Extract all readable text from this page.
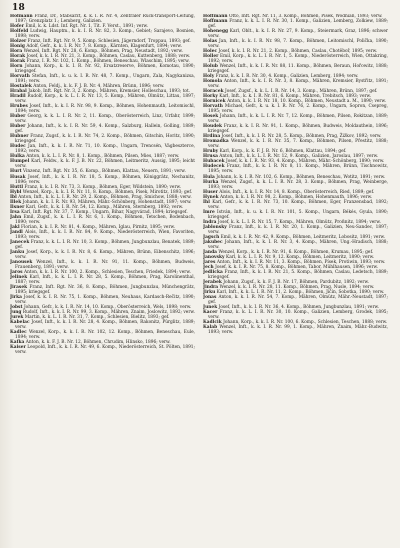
18

Hofmann Franz, Dr., Stabsarzt, k. k. I. R. Nr. 4, Zentraler Rück-transport-Leitung, 1897; Grenzplatz 1.; Lemberg, Galizien.

Hofer Emil, k. k. Ldst. Inf. Rgt. Nr. 1, Tit. F. Verst., 1891; verw.

Holfeld Ludwig, Hauptm., k. k. I. R. Nr. 82, 3. Komp., Gebiet; Sarajevo, Bosnien, 1898; verw.

Holzer Franz, Inft. Rgt. Nr. 9, 5. Komp. Schlesien, Jägerndorf, Troppau, 1893; gef.

Honig Adolf, Gefr., k. k. I. R. Nr. 7, 8. Komp., Kärnten, Klagenfurt, 1894; verw.

Hora Wenzel, Inft. Rgt. Nr. 28, 6. Komp., Böhmen, Prag, Neustadt, 1892; verw.

Horak Josef, k. k. I. R. Nr. 21, 3. Komp., Böhmen, Caslau, Kuttenberg, 1888; verw.

Horak Franz, I. R. Nr. 102, 1. Komp., Böhmen, Beneschau, Wlaschim, 1895; verw.

Horn Johann, Korp., k. k. I. R. Nr. 92, Ersatzreserve, Böhmen, Komotau, 1890; kriegsgef.

Horvath Stefan, Inft., k. u. k. I. R. Nr. 48, 7. Komp., Ungarn, Zala, Nagykanizsa, 1891; verw.

Hostalek Anton, Feldj., k. k. F. J. B. Nr. 4, Mähren, Brünn, 1896; verw.

Hrabal Jakob, Inft. Rgt. Nr. 3, 2. Komp., Mähren, Kremsier, Holleschau, 1893; tot.

Hradil Rudolf, Korp., k. k. L. I. R. Nr. 13, 5. Komp., Mähren, Olmütz, Littau, 1897; verw.

Hrubes Josef, Inft., k. k. I. R. Nr. 98, 9. Komp., Böhmen, Hohenmauth, Leitomischl, 1894; verw.

Huber Georg, k. k. L. I. R. Nr. 2, 11. Komp., Oberösterreich, Linz, Urfahr, 1899; verw.

Huber Johann, Inft., k. k. I. R. Nr. 59, 4. Komp., Salzburg, Hallein, Golling, 1889; gef.

Hubner Franz, Zugsf., k. k. I. R. Nr. 74, 2. Komp., Böhmen, Gitschin, Horitz, 1890; kriegsgef.

Hudec Jan, Inft., k. k. I. R. Nr. 71, 10. Komp., Ungarn, Trencsén, Vágbeszterce, 1892; verw.

Hulka Anton, k. k. L. I. R. Nr. 8, 1. Komp., Böhmen, Pilsen, Mies, 1887; verw.

Humpel Karl, Feldw., k. k. F. J. B. Nr. 22, Böhmen, Leitmeritz, Aussig, 1895; leicht verw.

Hurt Vinzenz, Inft. Rgt. Nr. 35, 6. Komp., Böhmen, Klattau, Neuern, 1891; verw.

Husak Josef, Inft., k. k. I. R. Nr. 18, 5. Komp., Böhmen, Königgrätz, Nechanitz, 1896; verw.

Huttl Franz, k. k. I. R. Nr. 73, 3. Komp., Böhmen, Eger, Wildstein, 1890; verw.

Hybl Wenzel, Korp., k. k. I. R. Nr. 11, 8. Komp., Böhmen, Pisek, Mirotitz, 1893; gef.

Ibl Anton, Inft., k. k. L. I. R. Nr. 29, 2. Komp., Böhmen, Prag, Smichow, 1888; verw.

Illek Johann, k. k. I. R. Nr. 93, Mähren, Mähr.-Schönberg, Hohenstadt, 1897; verw.

Ilsner Karl, Gefr., k. k. I. R. Nr. 54, 12. Komp., Mähren, Sternberg, 1892; verw.

Irsa Karl, Inft. Rgt. Nr. 37, 7. Komp., Ungarn, Bihar, Nagyvárad, 1894; kriegsgef.

Jahn Emil, Zugsf., k. k. L. I. R. Nr. 6, 1. Komp., Böhmen, Tetschen, Bodenbach, 1890; verw.

Jakl Florian, k. k. I. R. Nr. 81, 4. Komp., Mähren, Iglau, Pirnitz, 1895; verw.

Jandl Alois, Inft., k. k. I. R. Nr. 84, 9. Komp., Niederösterreich, Wien, Favoriten, 1893; verw.

Janecek Franz, k. k. L. I. R. Nr. 10, 3. Komp., Böhmen, Jungbunzlau, Benatek, 1889; gef.

Janku Josef, Korp., k. k. I. R. Nr. 8, 6. Komp., Mähren, Brünn, Eibenschitz, 1896; verw.

Janousek Wenzel, Inft., k. k. I. R. Nr. 91, 11. Komp., Böhmen, Budweis, Frauenberg, 1891; verw.

Jaros Anton, k. k. I. R. Nr. 100, 2. Komp., Schlesien, Teschen, Friedek, 1894; verw.

Jelinek Karl, Inft., k. k. L. I. R. Nr. 28, 5. Komp., Böhmen, Prag, Karolinenthal, 1887; verw.

Jirasek Franz, Inft. Rgt. Nr. 36, 8. Komp., Böhmen, Jungbunzlau, Münchengrätz, 1895; kriegsgef.

Jirka Josef, k. k. I. R. Nr. 75, 1. Komp., Böhmen, Neuhaus, Kardasch-Rečitz, 1890; verw.

Jobst Johann, Gefr., k. k. I. R. Nr. 14, 10. Komp., Oberösterreich, Wels, 1898; verw.

Jung Rudolf, Inft., k. k. I. R. Nr. 99, 3. Komp., Mähren, Znaim, Joslowitz, 1892; verw.

Jurek Martin, k. k. L. I. R. Nr. 31, 7. Komp., Schlesien, Bielitz, 1893; gef.

Kabelac Josef, Inft., k. k. I. R. Nr. 28, 4. Komp., Böhmen, Rakonitz, Pürglitz, 1889; verw.

Kadlec Wenzel, Korp., k. k. I. R. Nr. 102, 12. Komp., Böhmen, Beneschau, Eule, 1894; verw.

Kafka Anton, k. k. F. J. B. Nr. 12, Böhmen, Chrudim, Hlinsko, 1896; verw.

Kaiser Leopold, Inft., k. k. I. R. Nr. 49, 6. Komp., Niederösterreich, St. Pölten, 1891; verw.

Hoffmann Otto, Inft. Rgt. Nr. 11, 3. Komp., Böhmen, Pisek, Wodnian, 1893; verw.

Hoffmann Franz, k. k. L. I. R. Nr. 30, 1. Komp., Galizien, Lemberg, Zolkiew, 1889; gef.

Hohenegg Karl, Oblt., k. k. I. R. Nr. 27, 9. Komp., Steiermark, Graz, 1896; schwer verw.

Holas Jan, Inft., k. k. I. R. Nr. 98, 7. Komp., Böhmen, Leitomischl, Polička, 1890; verw.

Holec Josef, k. k. I. R. Nr. 21, 2. Komp., Böhmen, Caslau, Chotěboř, 1895; verw.

Holler Emil, Korp., k. k. L. I. R. Nr. 1, 5. Komp., Niederösterreich, Wien, Ottakring, 1892; verw.

Holub Wenzel, Inft., k. k. I. R. Nr. 88, 11. Komp., Böhmen, Beraun, Hořowitz, 1888; kriegsgef.

Holy Franz, k. k. I. R. Nr. 30, 4. Komp., Galizien, Lemberg, 1894; verw.

Homola Anton, Inft., k. k. I. R. Nr. 3, 8. Komp., Mähren, Kremsier, Bystřitz, 1891; verw.

Horacek Josef, Zugsf., k. k. L. I. R. Nr. 14, 3. Komp., Mähren, Brünn, 1897; gef.

Horky Karl, Inft., k. k. I. R. Nr. 81, 6. Komp., Mähren, Trebitsch, 1893; verw.

Hornicek Anton, k. k. I. R. Nr. 18, 10. Komp., Böhmen, Neustadt a. M., 1890; verw.

Horvath Michael, Gefr., k. u. k. I. R. Nr. 76, 2. Komp., Ungarn, Sopron, Csepreg, 1895; verw.

Hosek Johann, Inft., k. k. L. I. R. Nr. 7, 12. Komp., Böhmen, Pilsen, Rokitzan, 1889; verw.

Houdek Franz, k. k. I. R. Nr. 91, 1. Komp., Böhmen, Budweis, Moldauthein, 1896; kriegsgef.

Hrdina Josef, Inft., k. k. I. R. Nr. 28, 5. Komp., Böhmen, Prag, Žižkov, 1892; verw.

Hromadka Wenzel, k. k. I. R. Nr. 35, 7. Komp., Böhmen, Pilsen, Přestitz, 1888; verw.

Hruby Karl, Korp., k. k. F. J. B. Nr. 6, Böhmen, Klattau, 1894; gef.

Hrusa Anton, Inft., k. k. L. I. R. Nr. 12, 9. Komp., Galizien, Jaroslau, 1897; verw.

Hubacek Josef, k. k. I. R. Nr. 93, 4. Komp., Mähren, Mähr.-Schönberg, 1890; verw.

Hudecek Franz, Inft., k. k. I. R. Nr. 8, 11. Komp., Mähren, Brünn, Tischnowitz, 1895; verw.

Hula Johann, k. k. I. R. Nr. 102, 6. Komp., Böhmen, Beneschau, Wotitz, 1891; verw.

Hurka Wenzel, Zugsf., k. k. L. I. R. Nr. 28, 3. Komp., Böhmen, Prag, Weinberge, 1893; verw.

Huser Alois, Inft., k. k. I. R. Nr. 14, 8. Komp., Oberösterreich, Ried, 1889; gef.

Hynek Anton, k. k. I. R. Nr. 98, 2. Komp., Böhmen, Hohenmauth, 1896; verw.

Ihl Karl, Gefr., k. k. I. R. Nr. 73, 10. Komp., Böhmen, Eger, Franzensbad, 1892; verw.

Imre István, Inft., k. u. k. I. R. Nr. 101, 5. Komp., Ungarn, Békés, Gyula, 1890; kriegsgef.

Indra Josef, k. k. L. I. R. Nr. 15, 7. Komp., Mähren, Olmütz, Proßnitz, 1894; verw.

Jablonsky Franz, Inft., k. k. I. R. Nr. 20, 1. Komp., Galizien, Neu-Sandec, 1897; verw.

Jagsch Emil, k. k. I. R. Nr. 42, 9. Komp., Böhmen, Leitmeritz, Lobositz, 1891; verw.

Jakubec Johann, Inft., k. k. I. R. Nr. 3, 4. Komp., Mähren, Ung.-Hradisch, 1888; verw.

Janda Wenzel, Korp., k. k. I. R. Nr. 91, 6. Komp., Böhmen, Krumau, 1895; gef.

Janovsky Karl, k. k. L. I. R. Nr. 9, 12. Komp., Böhmen, Leitmeritz, 1890; verw.

Jares Anton, Inft., k. k. I. R. Nr. 11, 3. Komp., Böhmen, Písek, Protiwin, 1893; verw.

Jech Josef, k. k. I. R. Nr. 75, 8. Komp., Böhmen, Tabor, Mühlhausen, 1896; verw.

Jedlicka Franz, Inft., k. k. I. R. Nr. 21, 5. Komp., Böhmen, Caslau, Ledetsch, 1889; kriegsgef.

Jerabek Johann, Zugsf., k. k. F. J. B. Nr. 17, Böhmen, Pardubitz, 1892; verw.

Jindra Wenzel, k. k. I. R. Nr. 28, 11. Komp., Böhmen, Prag, Nusle, 1894; verw.

Jirku Karl, Inft., k. k. L. I. R. Nr. 11, 2. Komp., Böhmen, Jičín, Sobotka, 1890; verw.

Jonas Anton, k. k. I. R. Nr. 54, 7. Komp., Mähren, Olmütz, Mähr.-Neustadt, 1897; gef.

Junek Josef, Inft., k. k. I. R. Nr. 36, 4. Komp., Böhmen, Jungbunzlau, 1891; verw.

Kacer Franz, k. k. L. I. R. Nr. 30, 10. Komp., Galizien, Lemberg, Grodek, 1895; verw.

Kadlcik Johann, Korp., k. k. I. R. Nr. 100, 6. Komp., Schlesien, Teschen, 1888; verw.

Kalab Wenzel, Inft., k. k. I. R. Nr. 99, 1. Komp., Mähren, Znaim, Mähr.-Budwitz, 1893; verw.
